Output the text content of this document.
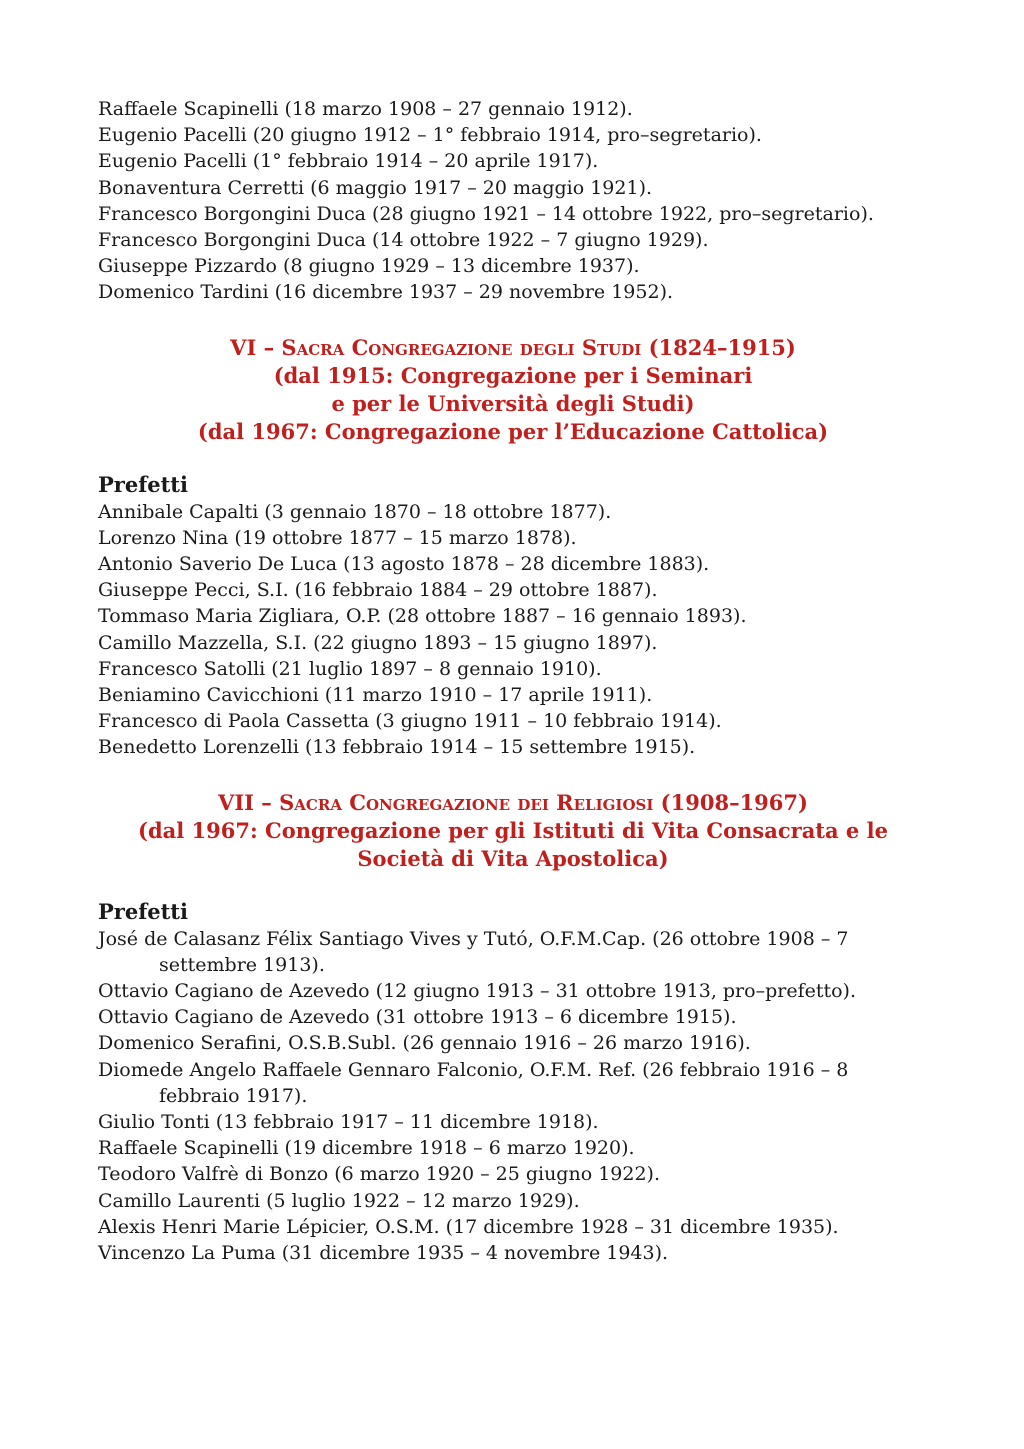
Raffaele Scapinelli (18 marzo 1908 – 27 gennaio 1912).

Eugenio Pacelli (20 giugno 1912 – 1° febbraio 1914, pro–segretario).

Eugenio Pacelli (1° febbraio 1914 – 20 aprile 1917).

Bonaventura Cerretti (6 maggio 1917 – 20 maggio 1921).

Francesco Borgongini Duca (28 giugno 1921 – 14 ottobre 1922, pro–segretario).

Francesco Borgongini Duca (14 ottobre 1922 – 7 giugno 1929).

Giuseppe Pizzardo (8 giugno 1929 – 13 dicembre 1937).

Domenico Tardini (16 dicembre 1937 – 29 novembre 1952).

VI – Sacra Congregazione degli Studi (1824–1915)

(dal 1915: Congregazione per i Seminari

e per le Università degli Studi)

(dal 1967: Congregazione per l’Educazione Cattolica)

Prefetti

Annibale Capalti (3 gennaio 1870 – 18 ottobre 1877).

Lorenzo Nina (19 ottobre 1877 – 15 marzo 1878).

Antonio Saverio De Luca (13 agosto 1878 – 28 dicembre 1883).

Giuseppe Pecci, S.I. (16 febbraio 1884 – 29 ottobre 1887).

Tommaso Maria Zigliara, O.P. (28 ottobre 1887 – 16 gennaio 1893).

Camillo Mazzella, S.I. (22 giugno 1893 – 15 giugno 1897).

Francesco Satolli (21 luglio 1897 – 8 gennaio 1910).

Beniamino Cavicchioni (11 marzo 1910 – 17 aprile 1911).

Francesco di Paola Cassetta (3 giugno 1911 – 10 febbraio 1914).

Benedetto Lorenzelli (13 febbraio 1914 – 15 settembre 1915).

VII – Sacra Congregazione dei Religiosi (1908–1967)

(dal 1967: Congregazione per gli Istituti di Vita Consacrata e le Società di Vita Apostolica)

Prefetti

José de Calasanz Félix Santiago Vives y Tutó, O.F.M.Cap. (26 ottobre 1908 – 7 settembre 1913).

Ottavio Cagiano de Azevedo (12 giugno 1913 – 31 ottobre 1913, pro–prefetto).

Ottavio Cagiano de Azevedo (31 ottobre 1913 – 6 dicembre 1915).

Domenico Serafini, O.S.B.Subl. (26 gennaio 1916 – 26 marzo 1916).

Diomede Angelo Raffaele Gennaro Falconio, O.F.M. Ref. (26 febbraio 1916 – 8 febbraio 1917).

Giulio Tonti (13 febbraio 1917 – 11 dicembre 1918).

Raffaele Scapinelli (19 dicembre 1918 – 6 marzo 1920).

Teodoro Valfrè di Bonzo (6 marzo 1920 – 25 giugno 1922).

Camillo Laurenti (5 luglio 1922 – 12 marzo 1929).

Alexis Henri Marie Lépicier, O.S.M. (17 dicembre 1928 – 31 dicembre 1935).

Vincenzo La Puma (31 dicembre 1935 – 4 novembre 1943).
